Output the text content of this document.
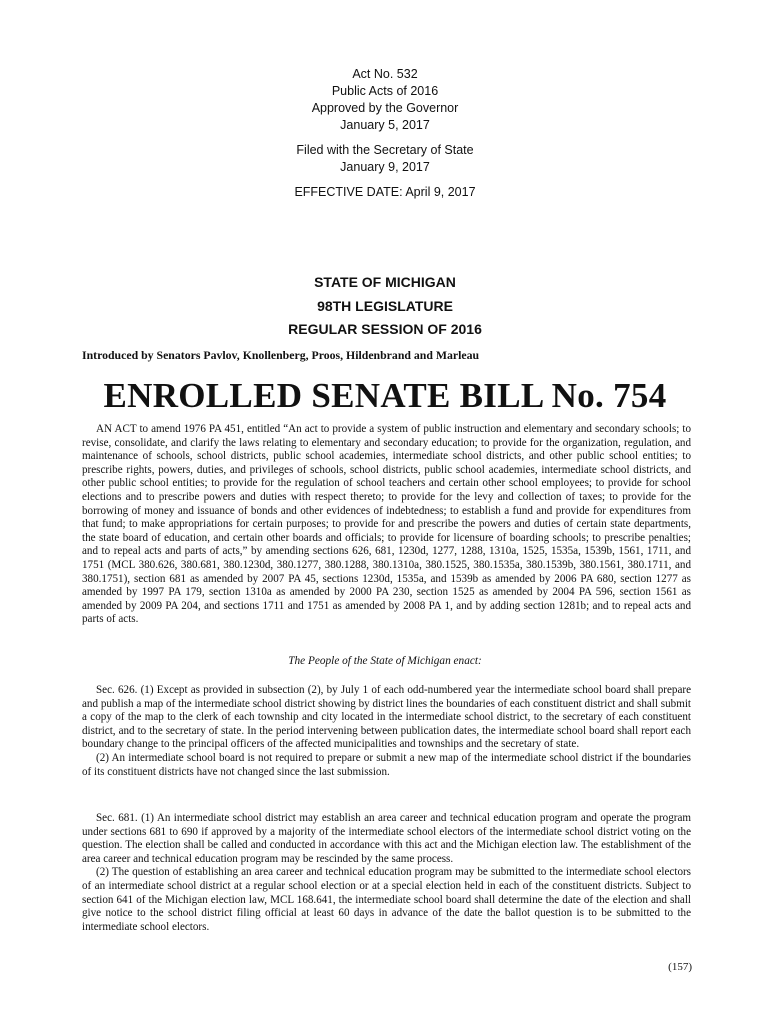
Act No. 532
Public Acts of 2016
Approved by the Governor
January 5, 2017
Filed with the Secretary of State
January 9, 2017
EFFECTIVE DATE: April 9, 2017
STATE OF MICHIGAN
98TH LEGISLATURE
REGULAR SESSION OF 2016
Introduced by Senators Pavlov, Knollenberg, Proos, Hildenbrand and Marleau
ENROLLED SENATE BILL No. 754

AN ACT to amend 1976 PA 451, entitled “An act to provide a system of public instruction and elementary and secondary schools; to revise, consolidate, and clarify the laws relating to elementary and secondary education; to provide for the organization, regulation, and maintenance of schools, school districts, public school academies, intermediate school districts, and other public school entities; to prescribe rights, powers, duties, and privileges of schools, school districts, public school academies, intermediate school districts, and other public school entities; to provide for the regulation of school teachers and certain other school employees; to provide for school elections and to prescribe powers and duties with respect thereto; to provide for the levy and collection of taxes; to provide for the borrowing of money and issuance of bonds and other evidences of indebtedness; to establish a fund and provide for expenditures from that fund; to make appropriations for certain purposes; to provide for and prescribe the powers and duties of certain state departments, the state board of education, and certain other boards and officials; to provide for licensure of boarding schools; to prescribe penalties; and to repeal acts and parts of acts,” by amending sections 626, 681, 1230d, 1277, 1288, 1310a, 1525, 1535a, 1539b, 1561, 1711, and 1751 (MCL 380.626, 380.681, 380.1230d, 380.1277, 380.1288, 380.1310a, 380.1525, 380.1535a, 380.1539b, 380.1561, 380.1711, and 380.1751), section 681 as amended by 2007 PA 45, sections 1230d, 1535a, and 1539b as amended by 2006 PA 680, section 1277 as amended by 1997 PA 179, section 1310a as amended by 2000 PA 230, section 1525 as amended by 2004 PA 596, section 1561 as amended by 2009 PA 204, and sections 1711 and 1751 as amended by 2008 PA 1, and by adding section 1281b; and to repeal acts and parts of acts.

The People of the State of Michigan enact:

Sec. 626. (1) Except as provided in subsection (2), by July 1 of each odd-numbered year the intermediate school board shall prepare and publish a map of the intermediate school district showing by district lines the boundaries of each constituent district and shall submit a copy of the map to the clerk of each township and city located in the intermediate school district, to the secretary of each constituent district, and to the secretary of state. In the period intervening between publication dates, the intermediate school board shall report each boundary change to the principal officers of the affected municipalities and townships and the secretary of state.

(2) An intermediate school board is not required to prepare or submit a new map of the intermediate school district if the boundaries of its constituent districts have not changed since the last submission.

Sec. 681. (1) An intermediate school district may establish an area career and technical education program and operate the program under sections 681 to 690 if approved by a majority of the intermediate school electors of the intermediate school district voting on the question. The election shall be called and conducted in accordance with this act and the Michigan election law. The establishment of the area career and technical education program may be rescinded by the same process.

(2) The question of establishing an area career and technical education program may be submitted to the intermediate school electors of an intermediate school district at a regular school election or at a special election held in each of the constituent districts. Subject to section 641 of the Michigan election law, MCL 168.641, the intermediate school board shall determine the date of the election and shall give notice to the school district filing official at least 60 days in advance of the date the ballot question is to be submitted to the intermediate school electors.

(157)
